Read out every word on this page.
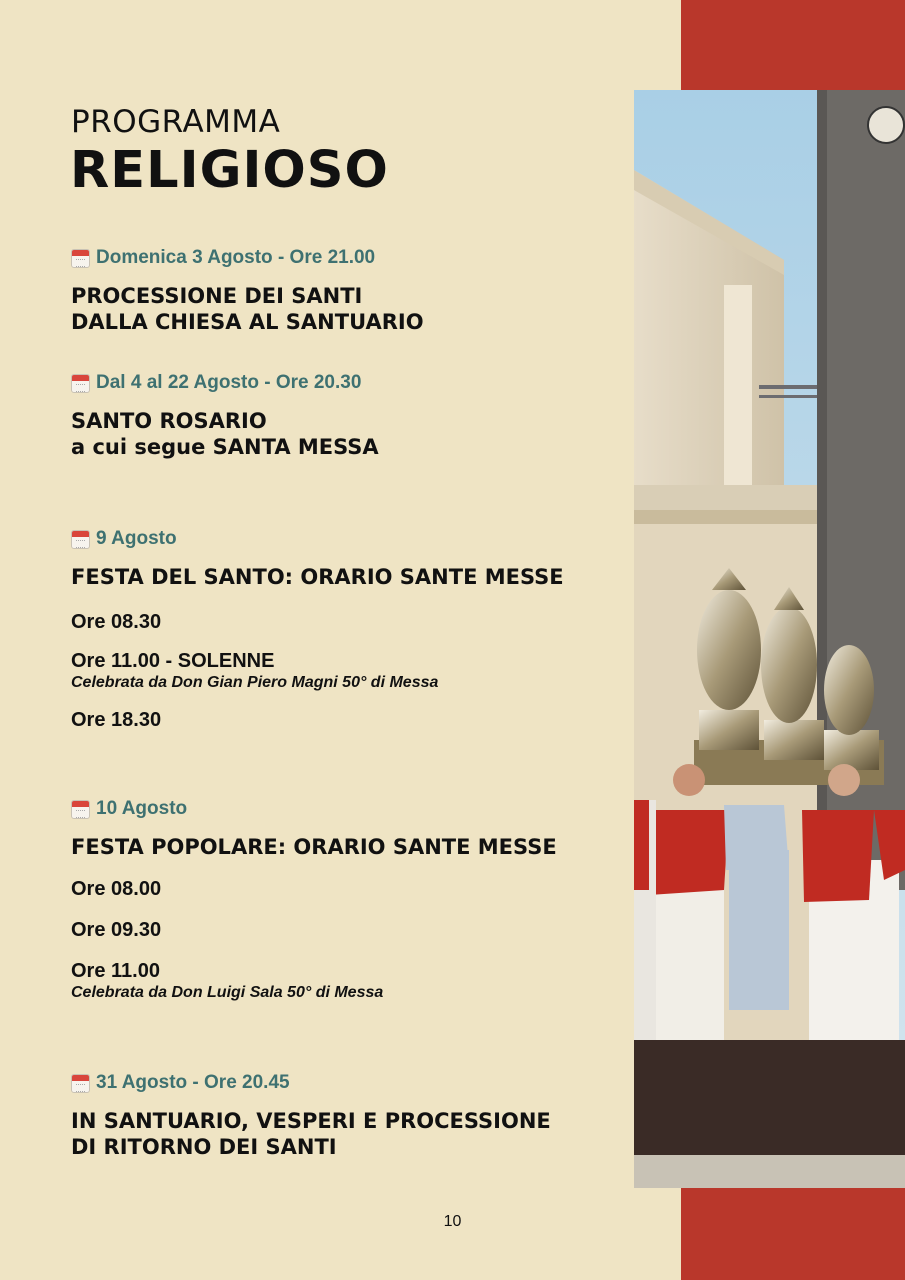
PROGRAMMA
RELIGIOSO
Domenica 3 Agosto - Ore 21.00
PROCESSIONE DEI SANTI
DALLA CHIESA AL SANTUARIO
Dal 4 al 22 Agosto - Ore 20.30
SANTO ROSARIO
a cui segue SANTA MESSA
9 Agosto
FESTA DEL SANTO: ORARIO SANTE MESSE
Ore 08.30
Ore 11.00 - SOLENNE
Celebrata da Don Gian Piero Magni 50° di Messa
Ore 18.30
10 Agosto
FESTA POPOLARE: ORARIO SANTE MESSE
Ore 08.00
Ore 09.30
Ore 11.00
Celebrata da Don Luigi Sala 50° di Messa
31 Agosto - Ore 20.45
IN SANTUARIO, VESPERI E PROCESSIONE
DI RITORNO DEI SANTI
10
